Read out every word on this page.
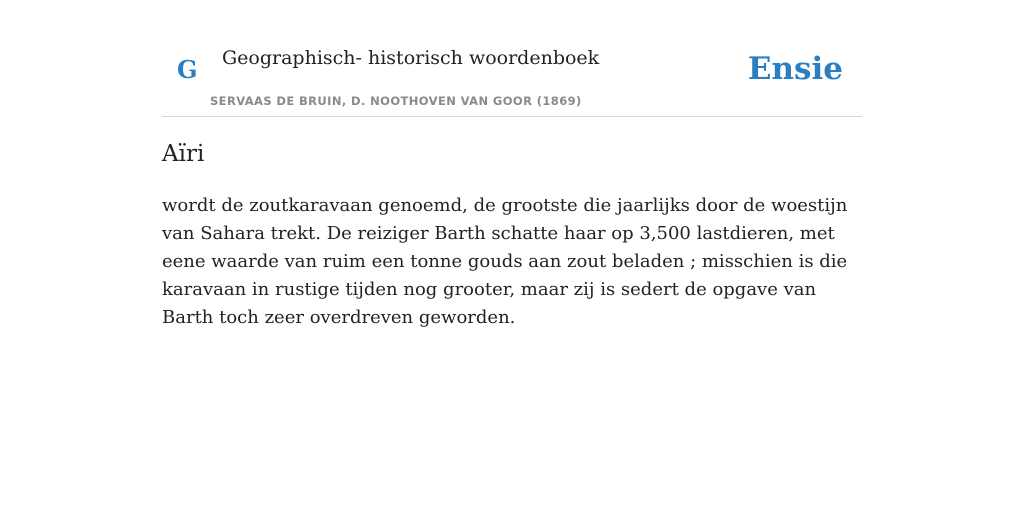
G Geographisch- historisch woordenboek
SERVAAS DE BRUIN, D. NOOTHOVEN VAN GOOR (1869)
Ensie
Aïri

wordt de zoutkaravaan genoemd, de grootste die jaarlijks door de woestijn van Sahara trekt. De reiziger Barth schatte haar op 3,500 lastdieren, met eene waarde van ruim een tonne gouds aan zout beladen ; misschien is die karavaan in rustige tijden nog grooter, maar zij is sedert de opgave van Barth toch zeer overdreven geworden.
